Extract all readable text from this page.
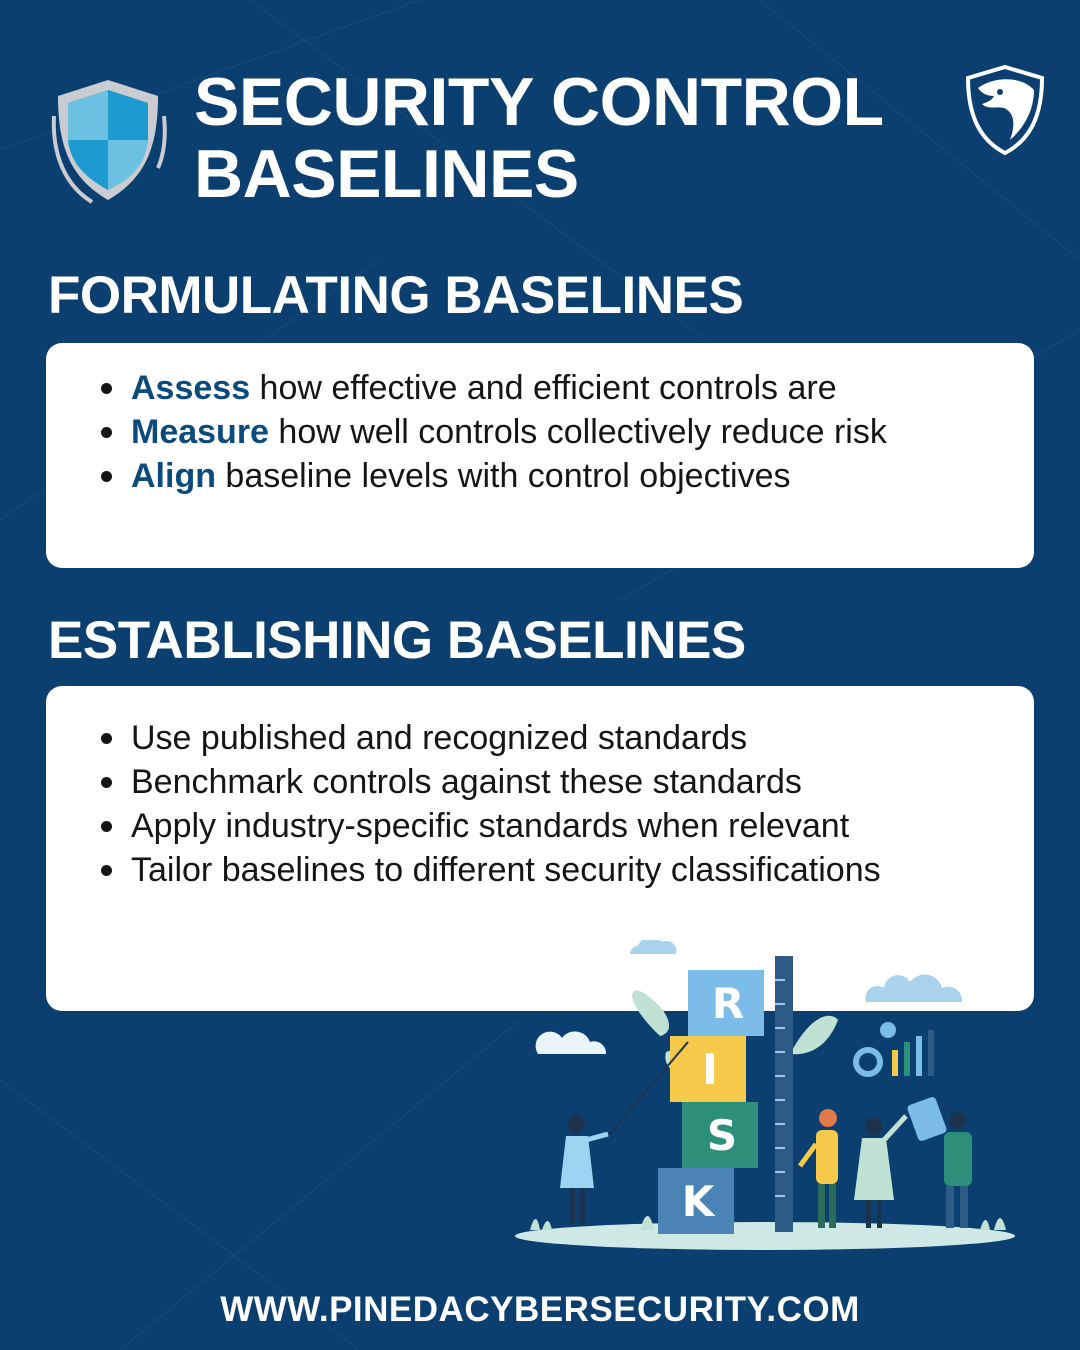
SECURITY CONTROL
BASELINES
FORMULATING BASELINES
Assess how effective and efficient controls are
Measure how well controls collectively reduce risk
Align baseline levels with control objectives
ESTABLISHING BASELINES
Use published and recognized standards
Benchmark controls against these standards
Apply industry-specific standards when relevant
Tailor baselines to different security classifications
R
I
S
K

WWW.PINEDACYBERSECURITY.COM
